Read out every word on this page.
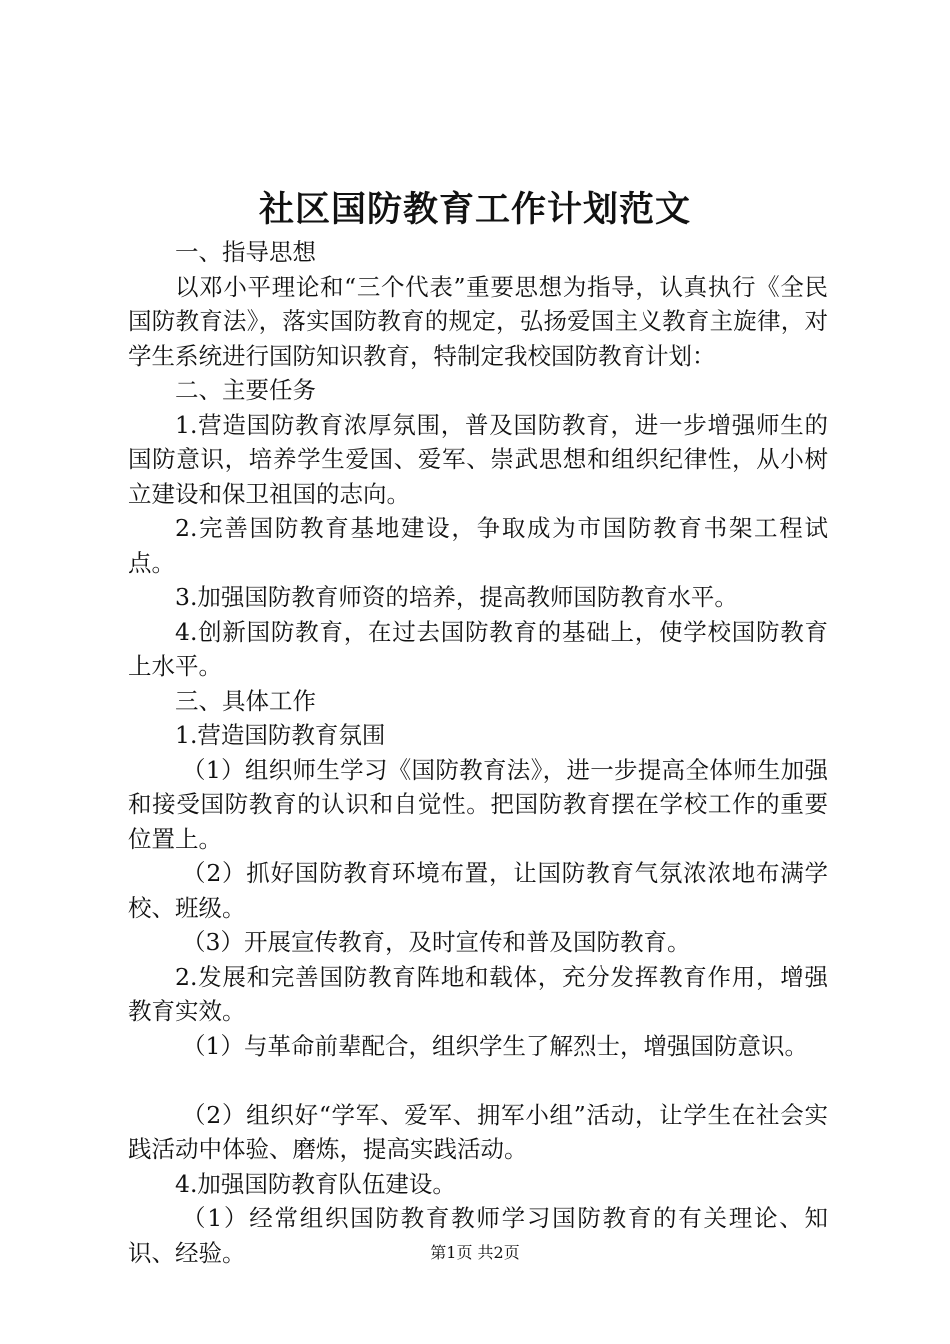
社区国防教育工作计划范文

一、指导思想

以邓小平理论和“三个代表”重要思想为指导，认真执行《全民国防教育法》，落实国防教育的规定，弘扬爱国主义教育主旋律，对学生系统进行国防知识教育，特制定我校国防教育计划：

二、主要任务

1.营造国防教育浓厚氛围，普及国防教育，进一步增强师生的国防意识，培养学生爱国、爱军、崇武思想和组织纪律性，从小树立建设和保卫祖国的志向。

2.完善国防教育基地建设，争取成为市国防教育书架工程试点。

3.加强国防教育师资的培养，提高教师国防教育水平。

4.创新国防教育，在过去国防教育的基础上，使学校国防教育上水平。

三、具体工作

1.营造国防教育氛围

（1）组织师生学习《国防教育法》，进一步提高全体师生加强和接受国防教育的认识和自觉性。把国防教育摆在学校工作的重要位置上。

（2）抓好国防教育环境布置，让国防教育气氛浓浓地布满学校、班级。

（3）开展宣传教育，及时宣传和普及国防教育。

2.发展和完善国防教育阵地和载体，充分发挥教育作用，增强教育实效。

（1）与革命前辈配合，组织学生了解烈士，增强国防意识。

（2）组织好“学军、爱军、拥军小组”活动，让学生在社会实践活动中体验、磨炼，提高实践活动。

4.加强国防教育队伍建设。

（1）经常组织国防教育教师学习国防教育的有关理论、知识、经验。	第1页 共2页
